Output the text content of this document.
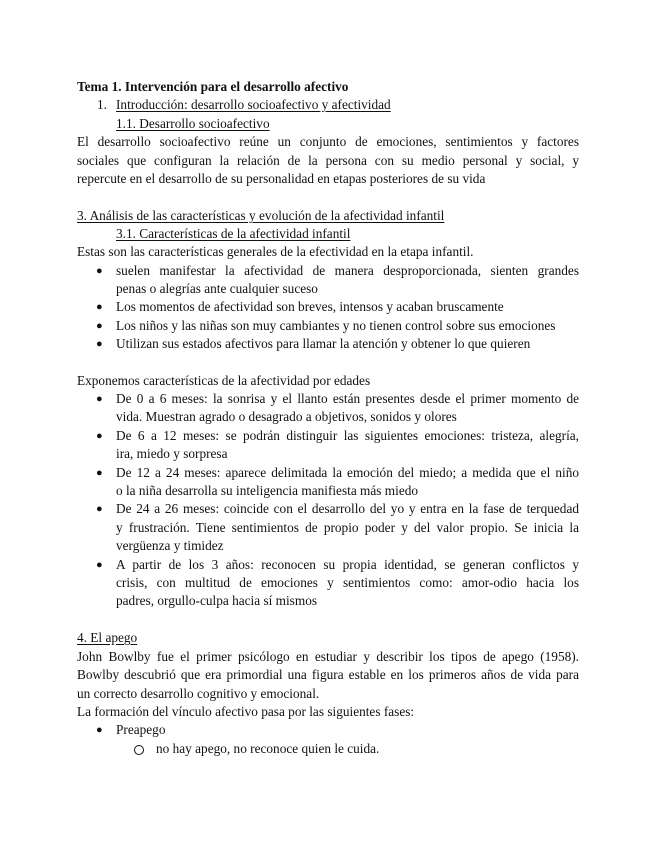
Tema 1. Intervención para el desarrollo afectivo
1. Introducción: desarrollo socioafectivo y afectividad
1.1. Desarrollo socioafectivo
El desarrollo socioafectivo reúne un conjunto de emociones, sentimientos y factores
sociales que configuran la relación de la persona con su medio personal y social, y
repercute en el desarrollo de su personalidad en etapas posteriores de su vida
3. Análisis de las características y evolución de la afectividad infantil
3.1. Características de la afectividad infantil
Estas son las características generales de la efectividad en la etapa infantil.
● suelen manifestar la afectividad de manera desproporcionada, sienten grandes
penas o alegrías ante cualquier suceso
● Los momentos de afectividad son breves, intensos y acaban bruscamente
● Los niños y las niñas son muy cambiantes y no tienen control sobre sus emociones
● Utilizan sus estados afectivos para llamar la atención y obtener lo que quieren
Exponemos características de la afectividad por edades
● De 0 a 6 meses: la sonrisa y el llanto están presentes desde el primer momento de
vida. Muestran agrado o desagrado a objetivos, sonidos y olores
● De 6 a 12 meses: se podrán distinguir las siguientes emociones: tristeza, alegría,
ira, miedo y sorpresa
● De 12 a 24 meses: aparece delimitada la emoción del miedo; a medida que el niño
o la niña desarrolla su inteligencia manifiesta más miedo
● De 24 a 26 meses: coincide con el desarrollo del yo y entra en la fase de terquedad
y frustración. Tiene sentimientos de propio poder y del valor propio. Se inicia la
vergüenza y timidez
● A partir de los 3 años: reconocen su propia identidad, se generan conflictos y
crisis, con multitud de emociones y sentimientos como: amor-odio hacia los
padres, orgullo-culpa hacia sí mismos
4. El apego
John Bowlby fue el primer psicólogo en estudiar y describir los tipos de apego (1958).
Bowlby descubrió que era primordial una figura estable en los primeros años de vida para
un correcto desarrollo cognitivo y emocional.
La formación del vínculo afectivo pasa por las siguientes fases:
● Preapego
no hay apego, no reconoce quien le cuida.
